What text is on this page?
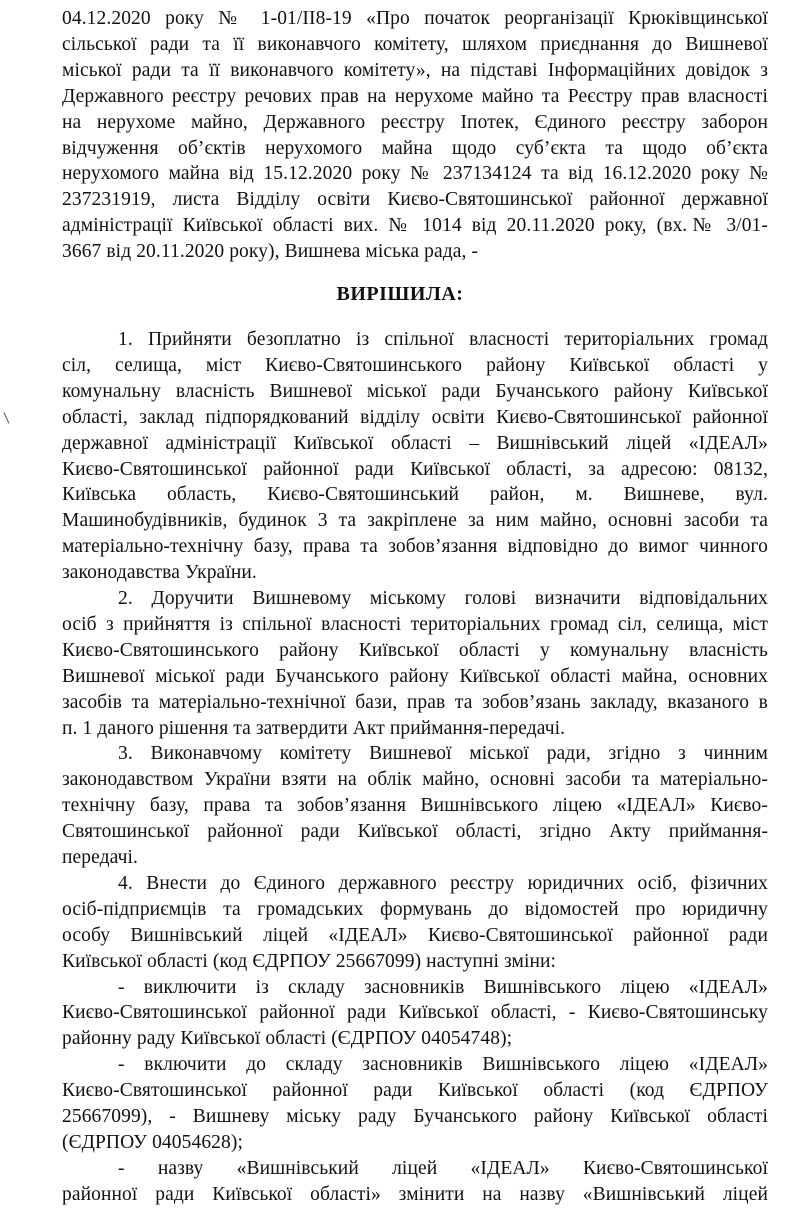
04.12.2020 року № 1-01/ІІ8-19 «Про початок реорганізації Крюківщинської

сільської ради та її виконавчого комітету, шляхом приєднання до Вишневої

міської ради та її виконавчого комітету», на підставі Інформаційних довідок з

Державного реєстру речових прав на нерухоме майно та Реєстру прав власності

на нерухоме майно, Державного реєстру Іпотек, Єдиного реєстру заборон

відчуження об’єктів нерухомого майна щодо суб’єкта та щодо об’єкта

нерухомого майна від 15.12.2020 року № 237134124 та від 16.12.2020 року №

237231919, листа Відділу освіти Києво-Святошинської районної державної

адміністрації Київської області вих. № 1014 від 20.11.2020 року, (вх.№ 3/01-

3667 від 20.11.2020 року), Вишнева міська рада, -

ВИРІШИЛА:

1. Прийняти безоплатно із спільної власності територіальних громад

сіл, селища, міст Києво-Святошинського району Київської області у

комунальну власність Вишневої міської ради Бучанського району Київської

області, заклад підпорядкований відділу освіти Києво-Святошинської районної

державної адміністрації Київської області – Вишнівський ліцей «ІДЕАЛ»

Києво-Святошинської районної ради Київської області, за адресою: 08132,

Київська область, Києво-Святошинський район, м. Вишневе, вул.

Машинобудівників, будинок 3 та закріплене за ним майно, основні засоби та

матеріально-технічну базу, права та зобов’язання відповідно до вимог чинного

законодавства України.

2. Доручити Вишневому міському голові визначити відповідальних

осіб з прийняття із спільної власності територіальних громад сіл, селища, міст

Києво-Святошинського району Київської області у комунальну власність

Вишневої міської ради Бучанського району Київської області майна, основних

засобів та матеріально-технічної бази, прав та зобов’язань закладу, вказаного в

п. 1 даного рішення та затвердити Акт приймання-передачі.

3. Виконавчому комітету Вишневої міської ради, згідно з чинним

законодавством України взяти на облік майно, основні засоби та матеріально-

технічну базу, права та зобов’язання Вишнівського ліцею «ІДЕАЛ» Києво-

Святошинської районної ради Київської області, згідно Акту приймання-

передачі.

4. Внести до Єдиного державного реєстру юридичних осіб, фізичних

осіб-підприємців та громадських формувань до відомостей про юридичну

особу Вишнівський ліцей «ІДЕАЛ» Києво-Святошинської районної ради

Київської області (код ЄДРПОУ 25667099) наступні зміни:

- виключити із складу засновників Вишнівського ліцею «ІДЕАЛ»

Києво-Святошинської районної ради Київської області, - Києво-Святошинську

районну раду Київської області (ЄДРПОУ 04054748);

- включити до складу засновників Вишнівського ліцею «ІДЕАЛ»

Києво-Святошинської районної ради Київської області (код ЄДРПОУ

25667099), - Вишневу міську раду Бучанського району Київської області

(ЄДРПОУ 04054628);

- назву «Вишнівський ліцей «ІДЕАЛ» Києво-Святошинської

районної ради Київської області» змінити на назву «Вишнівський ліцей
